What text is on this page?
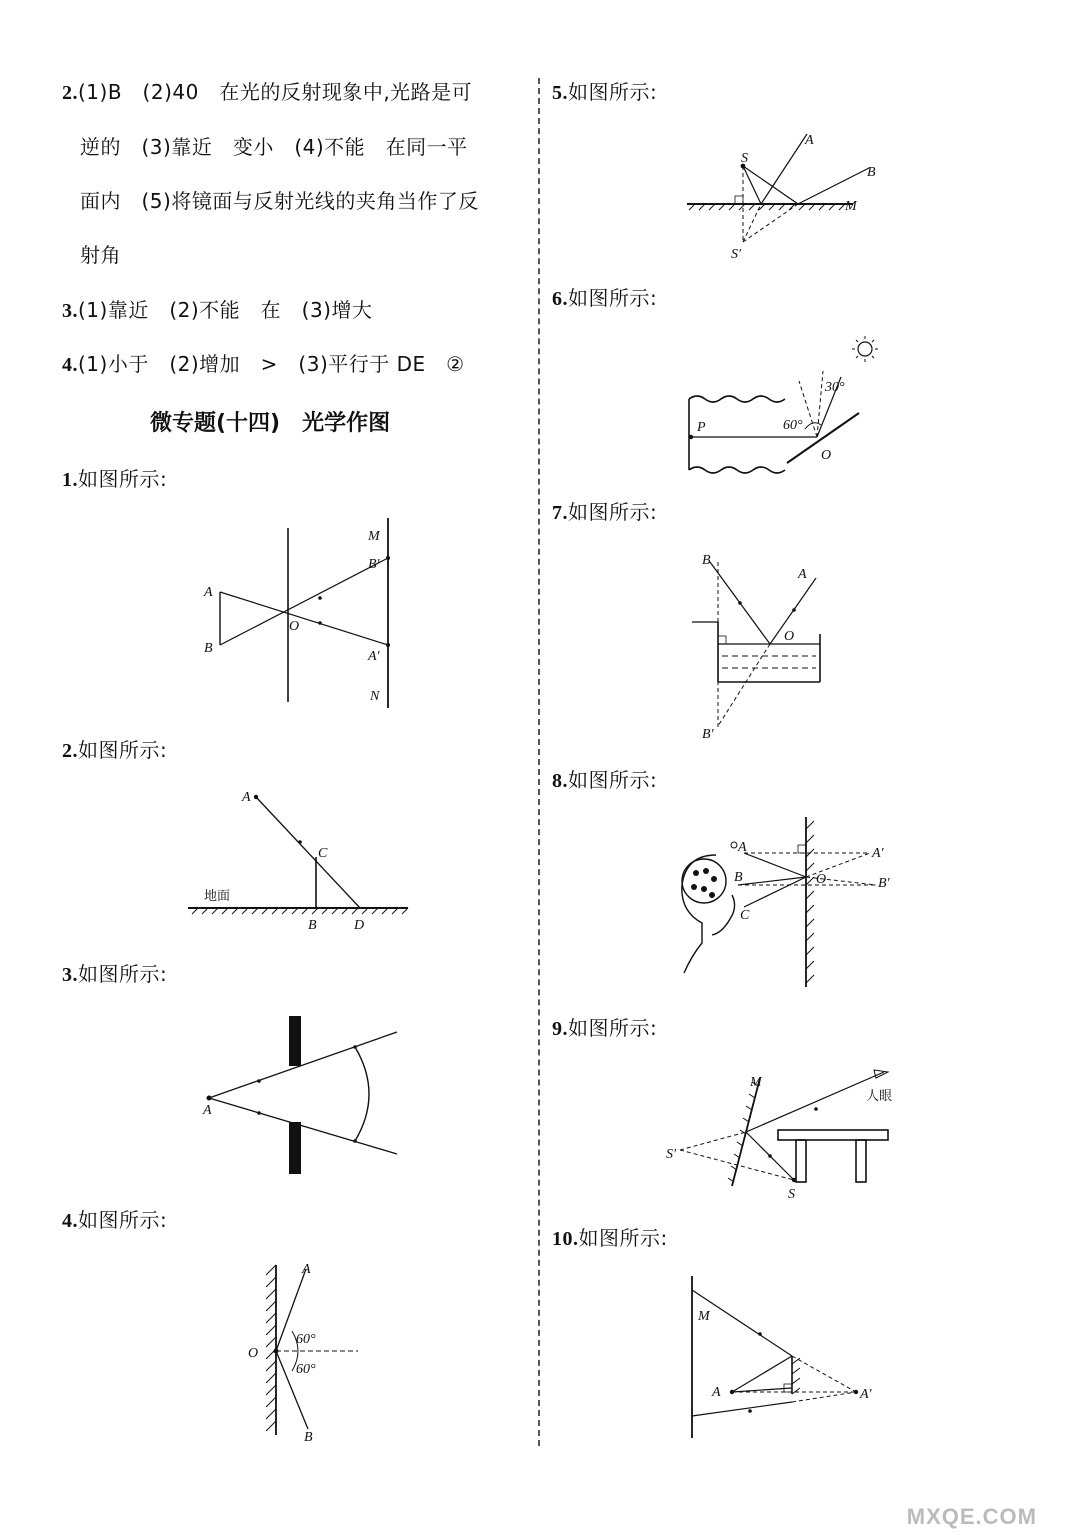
2.(1)B　(2)40　在光的反射现象中,光路是可
逆的　(3)靠近　变小　(4)不能　在同一平
面内　(5)将镜面与反射光线的夹角当作了反
射角
3.(1)靠近　(2)不能　在　(3)增大
4.(1)小于　(2)增加　>　(3)平行于 DE　②
微专题(十四)　光学作图
1.如图所示:
2.如图所示:
3.如图所示:
4.如图所示:
A
B
O
M
B′
A′
N
A
C
B	D
地面
A
A
B
O
60°
60°
5.如图所示:
6.如图所示:
7.如图所示:
8.如图所示:
9.如图所示:
10.如图所示:
A
B
S
M
S′
P
O
30°
60°
B
A
O
B′
A
B
C
O
A′
B′
M
S
S′
人眼
M
A	A′
MXQE.COM
